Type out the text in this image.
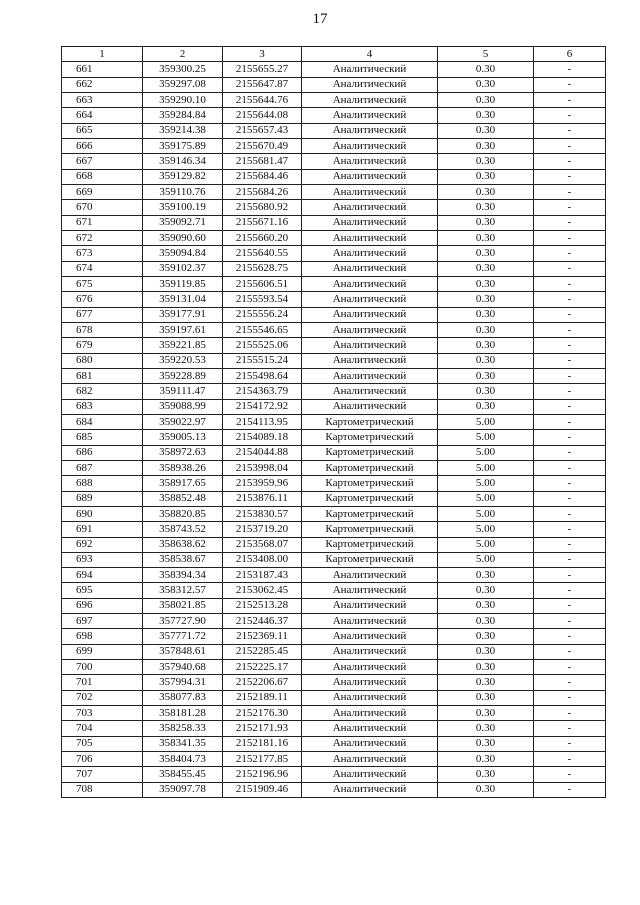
17
1	2	3	4	5	6
661	359300.25	2155655.27	Аналитический	0.30	-
662	359297.08	2155647.87	Аналитический	0.30	-
663	359290.10	2155644.76	Аналитический	0.30	-
664	359284.84	2155644.08	Аналитический	0.30	-
665	359214.38	2155657.43	Аналитический	0.30	-
666	359175.89	2155670.49	Аналитический	0.30	-
667	359146.34	2155681.47	Аналитический	0.30	-
668	359129.82	2155684.46	Аналитический	0.30	-
669	359110.76	2155684.26	Аналитический	0.30	-
670	359100.19	2155680.92	Аналитический	0.30	-
671	359092.71	2155671.16	Аналитический	0.30	-
672	359090.60	2155660.20	Аналитический	0.30	-
673	359094.84	2155640.55	Аналитический	0.30	-
674	359102.37	2155628.75	Аналитический	0.30	-
675	359119.85	2155606.51	Аналитический	0.30	-
676	359131.04	2155593.54	Аналитический	0.30	-
677	359177.91	2155556.24	Аналитический	0.30	-
678	359197.61	2155546.65	Аналитический	0.30	-
679	359221.85	2155525.06	Аналитический	0.30	-
680	359220.53	2155515.24	Аналитический	0.30	-
681	359228.89	2155498.64	Аналитический	0.30	-
682	359111.47	2154363.79	Аналитический	0.30	-
683	359088.99	2154172.92	Аналитический	0.30	-
684	359022.97	2154113.95	Картометрический	5.00	-
685	359005.13	2154089.18	Картометрический	5.00	-
686	358972.63	2154044.88	Картометрический	5.00	-
687	358938.26	2153998.04	Картометрический	5.00	-
688	358917.65	2153959.96	Картометрический	5.00	-
689	358852.48	2153876.11	Картометрический	5.00	-
690	358820.85	2153830.57	Картометрический	5.00	-
691	358743.52	2153719.20	Картометрический	5.00	-
692	358638.62	2153568.07	Картометрический	5.00	-
693	358538.67	2153408.00	Картометрический	5.00	-
694	358394.34	2153187.43	Аналитический	0.30	-
695	358312.57	2153062.45	Аналитический	0.30	-
696	358021.85	2152513.28	Аналитический	0.30	-
697	357727.90	2152446.37	Аналитический	0.30	-
698	357771.72	2152369.11	Аналитический	0.30	-
699	357848.61	2152285.45	Аналитический	0.30	-
700	357940.68	2152225.17	Аналитический	0.30	-
701	357994.31	2152206.67	Аналитический	0.30	-
702	358077.83	2152189.11	Аналитический	0.30	-
703	358181.28	2152176.30	Аналитический	0.30	-
704	358258.33	2152171.93	Аналитический	0.30	-
705	358341.35	2152181.16	Аналитический	0.30	-
706	358404.73	2152177.85	Аналитический	0.30	-
707	358455.45	2152196.96	Аналитический	0.30	-
708	359097.78	2151909.46	Аналитический	0.30	-
